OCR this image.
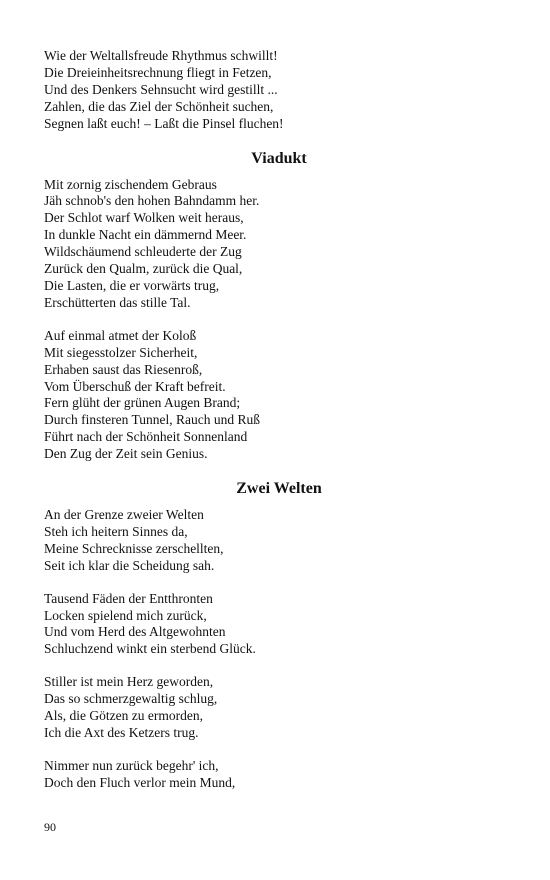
Wie der Weltallsfreude Rhythmus schwillt!
Die Dreieinheitsrechnung fliegt in Fetzen,
Und des Denkers Sehnsucht wird gestillt ...
Zahlen, die das Ziel der Schönheit suchen,
Segnen laßt euch! – Laßt die Pinsel fluchen!
Viadukt
Mit zornig zischendem Gebraus
Jäh schnob's den hohen Bahndamm her.
Der Schlot warf Wolken weit heraus,
In dunkle Nacht ein dämmernd Meer.
Wildschäumend schleuderte der Zug
Zurück den Qualm, zurück die Qual,
Die Lasten, die er vorwärts trug,
Erschütterten das stille Tal.
Auf einmal atmet der Koloß
Mit siegesstolzer Sicherheit,
Erhaben saust das Riesenroß,
Vom Überschuß der Kraft befreit.
Fern glüht der grünen Augen Brand;
Durch finsteren Tunnel, Rauch und Ruß
Führt nach der Schönheit Sonnenland
Den Zug der Zeit sein Genius.
Zwei Welten
An der Grenze zweier Welten
Steh ich heitern Sinnes da,
Meine Schrecknisse zerschellten,
Seit ich klar die Scheidung sah.
Tausend Fäden der Entthronten
Locken spielend mich zurück,
Und vom Herd des Altgewohnten
Schluchzend winkt ein sterbend Glück.
Stiller ist mein Herz geworden,
Das so schmerzgewaltig schlug,
Als, die Götzen zu ermorden,
Ich die Axt des Ketzers trug.
Nimmer nun zurück begehr' ich,
Doch den Fluch verlor mein Mund,
90
